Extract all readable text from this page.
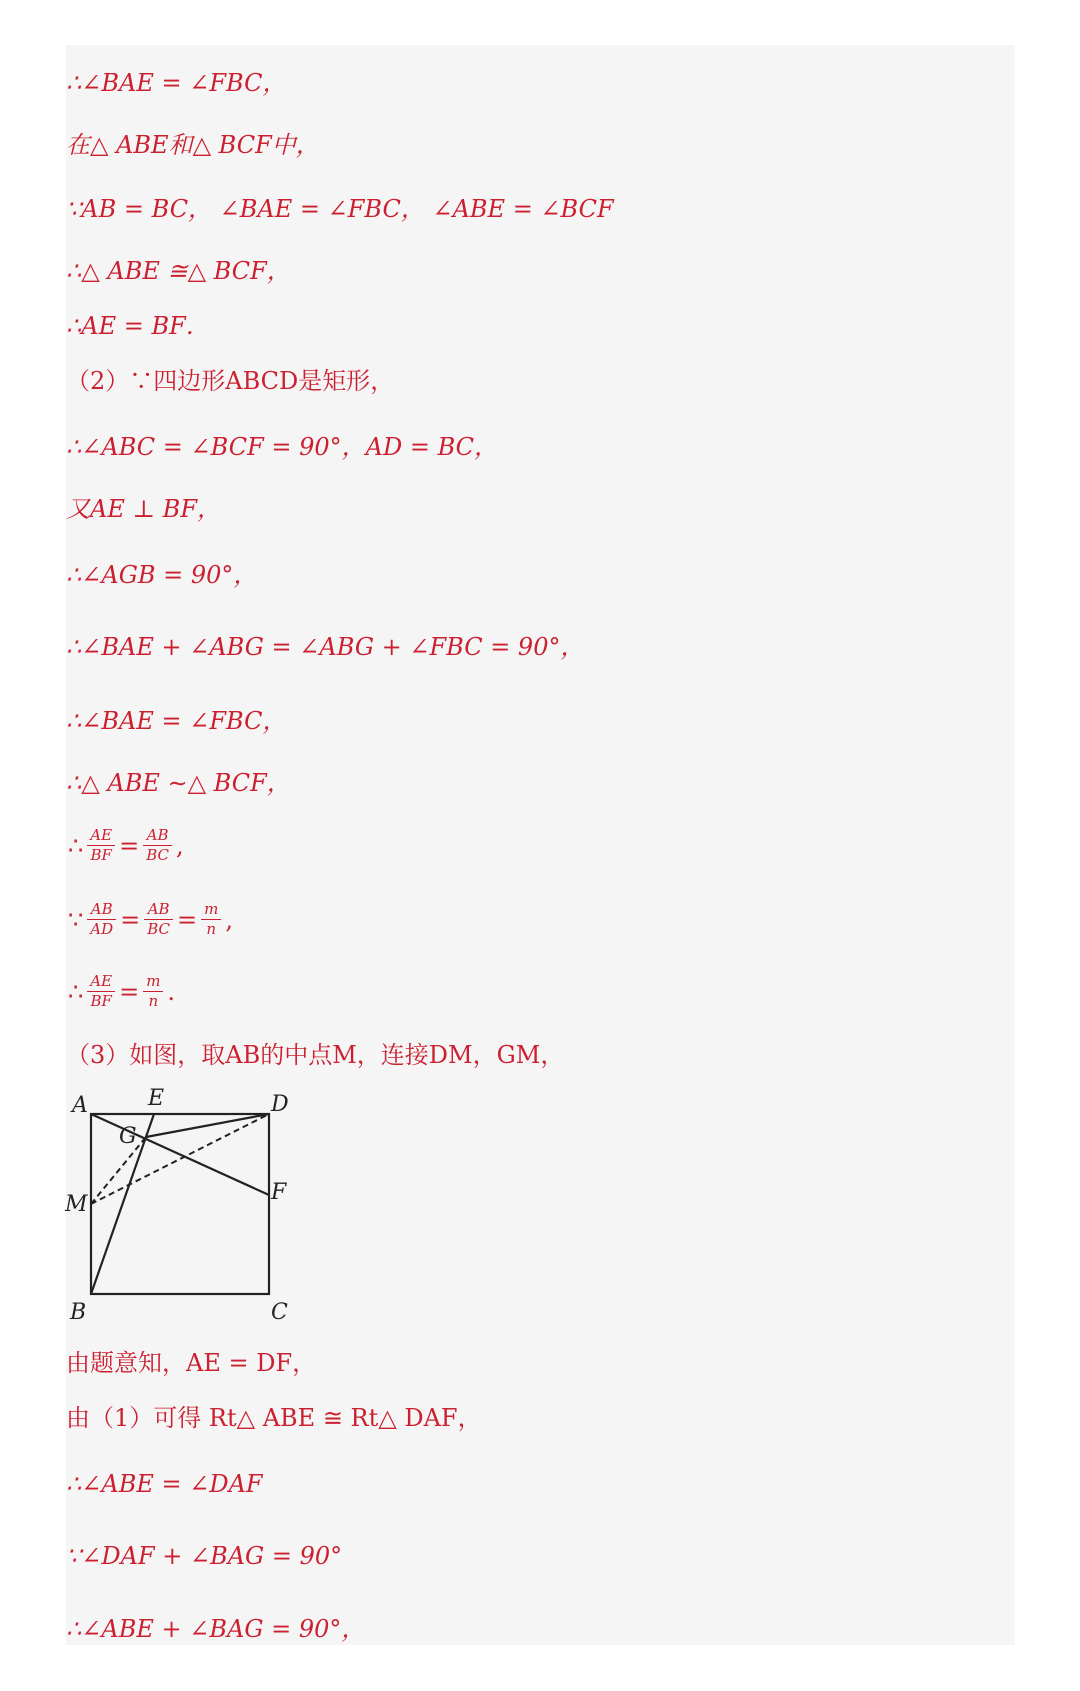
∴∠BAE = ∠FBC，
在△ ABE和△ BCF中，
∵AB = BC， ∠BAE = ∠FBC， ∠ABE = ∠BCF
∴△ ABE ≅△ BCF，
∴AE = BF．
（2）∵四边形ABCD是矩形，
∴∠ABC = ∠BCF = 90°，AD = BC，
又AE ⊥ BF，
∴∠AGB = 90°，
∴∠BAE + ∠ABG = ∠ABG + ∠FBC = 90°，
∴∠BAE = ∠FBC，
∴△ ABE ∼△ BCF，
∴ $\frac{AE}{BF} = \frac{AB}{BC}$ ,
∵ $\frac{AB}{AD} = \frac{AB}{BC} = \frac{m}{n}$ ,
∴ $\frac{AE}{BF} = \frac{m}{n}$ .
（3）如图，取AB的中点M，连接DM，GM，
A	E	D
G
F
M
B	C
由题意知，AE = DF，
由（1）可得 Rt△ ABE ≅ Rt△ DAF，
∴∠ABE = ∠DAF
∵∠DAF + ∠BAG = 90°
∴∠ABE + ∠BAG = 90°，
